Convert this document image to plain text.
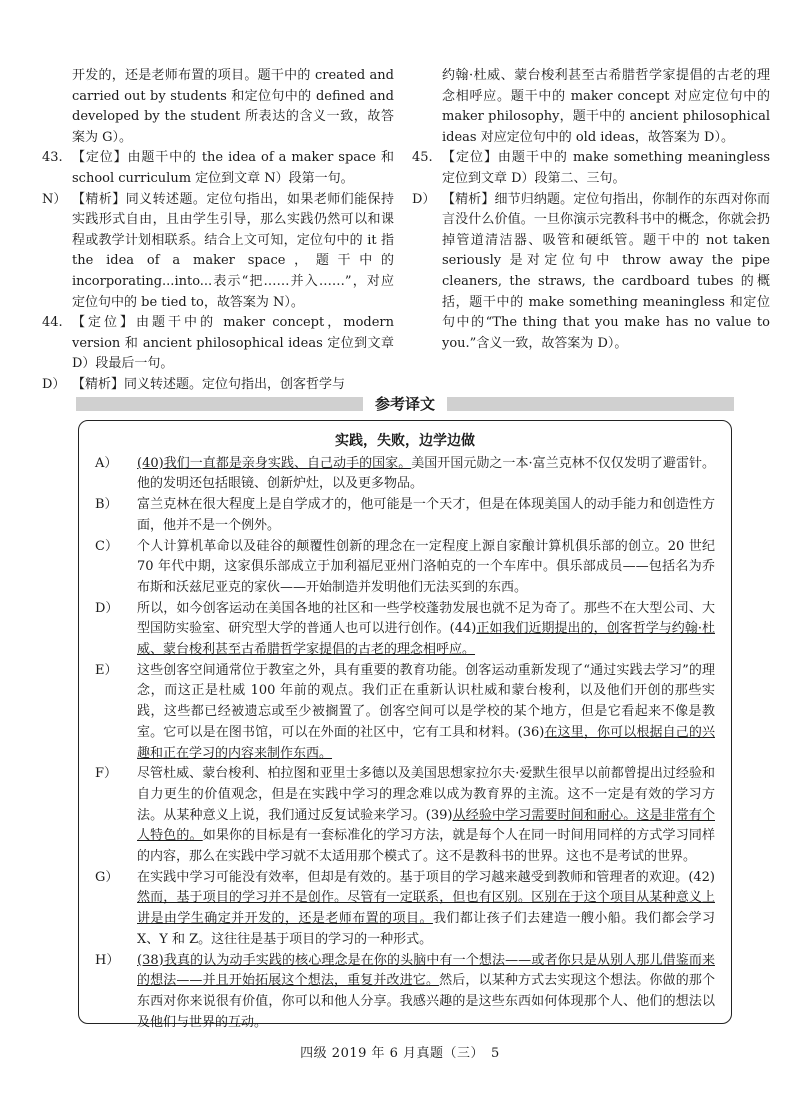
开发的，还是老师布置的项目。题干中的 created and carried out by students 和定位句中的 defined and developed by the student 所表达的含义一致，故答案为 G）。
43. 【定位】由题干中的 the idea of a maker space 和 school curriculum 定位到文章 N）段第一句。
N） 【精析】同义转述题。定位句指出，如果老师们能保持实践形式自由，且由学生引导，那么实践仍然可以和课程或教学计划相联系。结合上文可知，定位句中的 it 指 the idea of a maker space，题干中的 incorporating...into...表示“把……并入……”，对应定位句中的 be tied to，故答案为 N）。
44. 【定位】由题干中的 maker concept，modern version 和 ancient philosophical ideas 定位到文章 D）段最后一句。
D） 【精析】同义转述题。定位句指出，创客哲学与
约翰·杜威、蒙台梭利甚至古希腊哲学家提倡的古老的理念相呼应。题干中的 maker concept 对应定位句中的 maker philosophy，题干中的 ancient philosophical ideas 对应定位句中的 old ideas，故答案为 D）。
45. 【定位】由题干中的 make something meaningless 定位到文章 D）段第二、三句。
D） 【精析】细节归纳题。定位句指出，你制作的东西对你而言没什么价值。一旦你演示完教科书中的概念，你就会扔掉管道清洁器、吸管和硬纸管。题干中的 not taken seriously 是对定位句中 throw away the pipe cleaners, the straws, the cardboard tubes 的概括，题干中的 make something meaningless 和定位句中的“The thing that you make has no value to you.”含义一致，故答案为 D）。
参考译文
实践，失败，边学边做
A） (40)我们一直都是亲身实践、自己动手的国家。美国开国元勋之一本·富兰克林不仅仅发明了避雷针。他的发明还包括眼镜、创新炉灶，以及更多物品。
B） 富兰克林在很大程度上是自学成才的，他可能是一个天才，但是在体现美国人的动手能力和创造性方面，他并不是一个例外。
C） 个人计算机革命以及硅谷的颠覆性创新的理念在一定程度上源自家酿计算机俱乐部的创立。20 世纪 70 年代中期，这家俱乐部成立于加利福尼亚州门洛帕克的一个车库中。俱乐部成员——包括名为乔布斯和沃兹尼亚克的家伙——开始制造并发明他们无法买到的东西。
D） 所以，如今创客运动在美国各地的社区和一些学校蓬勃发展也就不足为奇了。那些不在大型公司、大型国防实验室、研究型大学的普通人也可以进行创作。(44)正如我们近期提出的，创客哲学与约翰·杜威、蒙台梭利甚至古希腊哲学家提倡的古老的理念相呼应。
E） 这些创客空间通常位于教室之外，具有重要的教育功能。创客运动重新发现了“通过实践去学习”的理念，而这正是杜威 100 年前的观点。我们正在重新认识杜威和蒙台梭利，以及他们开创的那些实践，这些都已经被遗忘或至少被搁置了。创客空间可以是学校的某个地方，但是它看起来不像是教室。它可以是在图书馆，可以在外面的社区中，它有工具和材料。(36)在这里，你可以根据自己的兴趣和正在学习的内容来制作东西。
F） 尽管杜威、蒙台梭利、柏拉图和亚里士多德以及美国思想家拉尔夫·爱默生很早以前都曾提出过经验和自力更生的价值观念，但是在实践中学习的理念难以成为教育界的主流。这不一定是有效的学习方法。从某种意义上说，我们通过反复试验来学习。(39)从经验中学习需要时间和耐心。这是非常有个人特色的。如果你的目标是有一套标准化的学习方法，就是每个人在同一时间用同样的方式学习同样的内容，那么在实践中学习就不太适用那个模式了。这不是教科书的世界。这也不是考试的世界。
G） 在实践中学习可能没有效率，但却是有效的。基于项目的学习越来越受到教师和管理者的欢迎。(42)然而，基于项目的学习并不是创作。尽管有一定联系，但也有区别。区别在于这个项目从某种意义上讲是由学生确定并开发的，还是老师布置的项目。我们都让孩子们去建造一艘小船。我们都会学习 X、Y 和 Z。这往往是基于项目的学习的一种形式。
H） (38)我真的认为动手实践的核心理念是在你的头脑中有一个想法——或者你只是从别人那儿借鉴而来的想法——并且开始拓展这个想法，重复并改进它。然后，以某种方式去实现这个想法。你做的那个东西对你来说很有价值，你可以和他人分享。我感兴趣的是这些东西如何体现那个人、他们的想法以及他们与世界的互动。
四级 2019 年 6 月真题（三）　5
